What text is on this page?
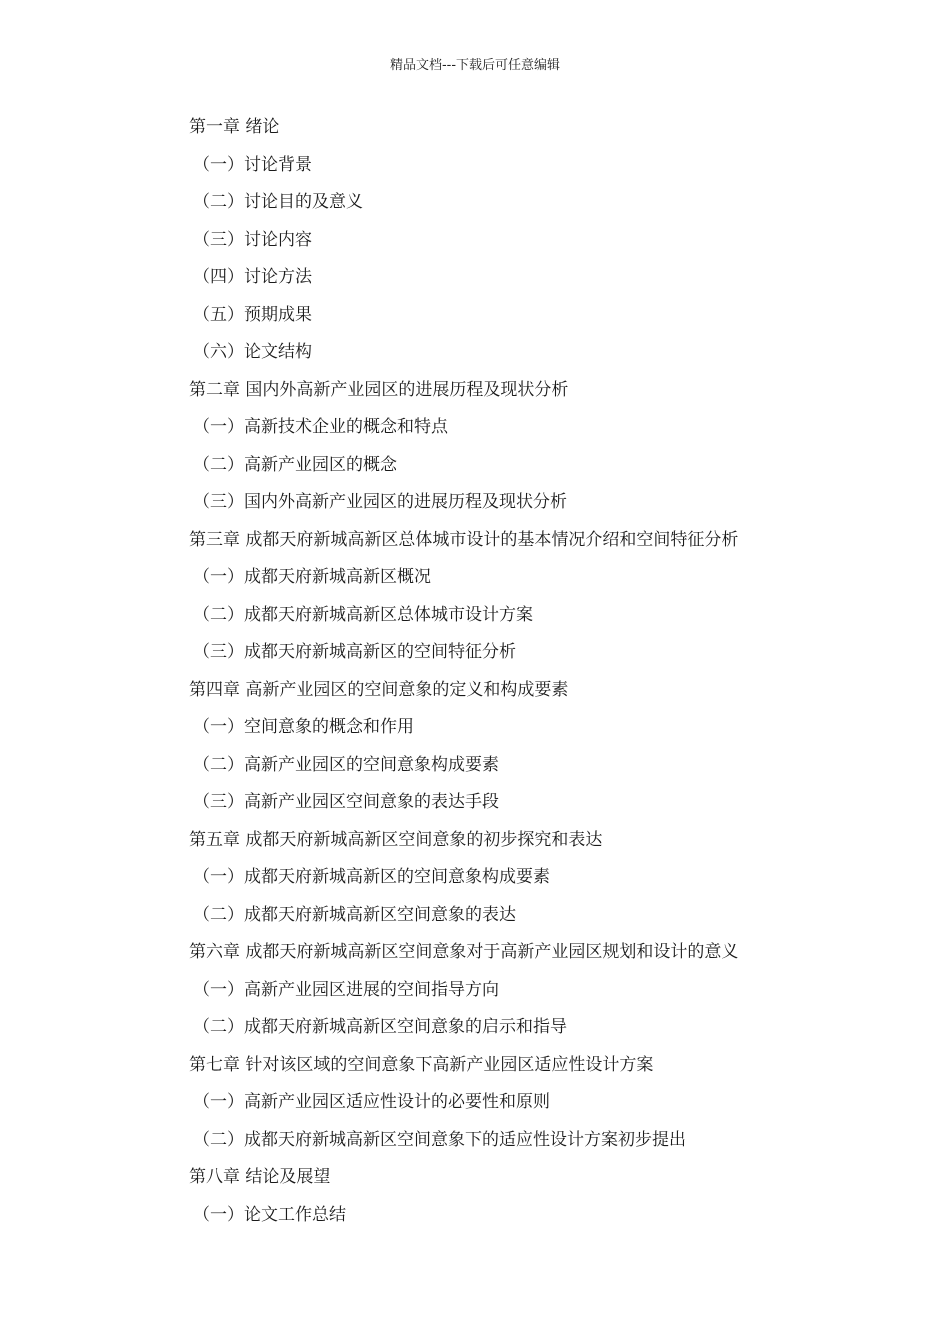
精品文档---下载后可任意编辑
第一章 绪论
（一）讨论背景
（二）讨论目的及意义
（三）讨论内容
（四）讨论方法
（五）预期成果
（六）论文结构
第二章 国内外高新产业园区的进展历程及现状分析
（一）高新技术企业的概念和特点
（二）高新产业园区的概念
（三）国内外高新产业园区的进展历程及现状分析
第三章 成都天府新城高新区总体城市设计的基本情况介绍和空间特征分析
（一）成都天府新城高新区概况
（二）成都天府新城高新区总体城市设计方案
（三）成都天府新城高新区的空间特征分析
第四章 高新产业园区的空间意象的定义和构成要素
（一）空间意象的概念和作用
（二）高新产业园区的空间意象构成要素
（三）高新产业园区空间意象的表达手段
第五章 成都天府新城高新区空间意象的初步探究和表达
（一）成都天府新城高新区的空间意象构成要素
（二）成都天府新城高新区空间意象的表达
第六章 成都天府新城高新区空间意象对于高新产业园区规划和设计的意义
（一）高新产业园区进展的空间指导方向
（二）成都天府新城高新区空间意象的启示和指导
第七章 针对该区域的空间意象下高新产业园区适应性设计方案
（一）高新产业园区适应性设计的必要性和原则
（二）成都天府新城高新区空间意象下的适应性设计方案初步提出
第八章 结论及展望
（一）论文工作总结
